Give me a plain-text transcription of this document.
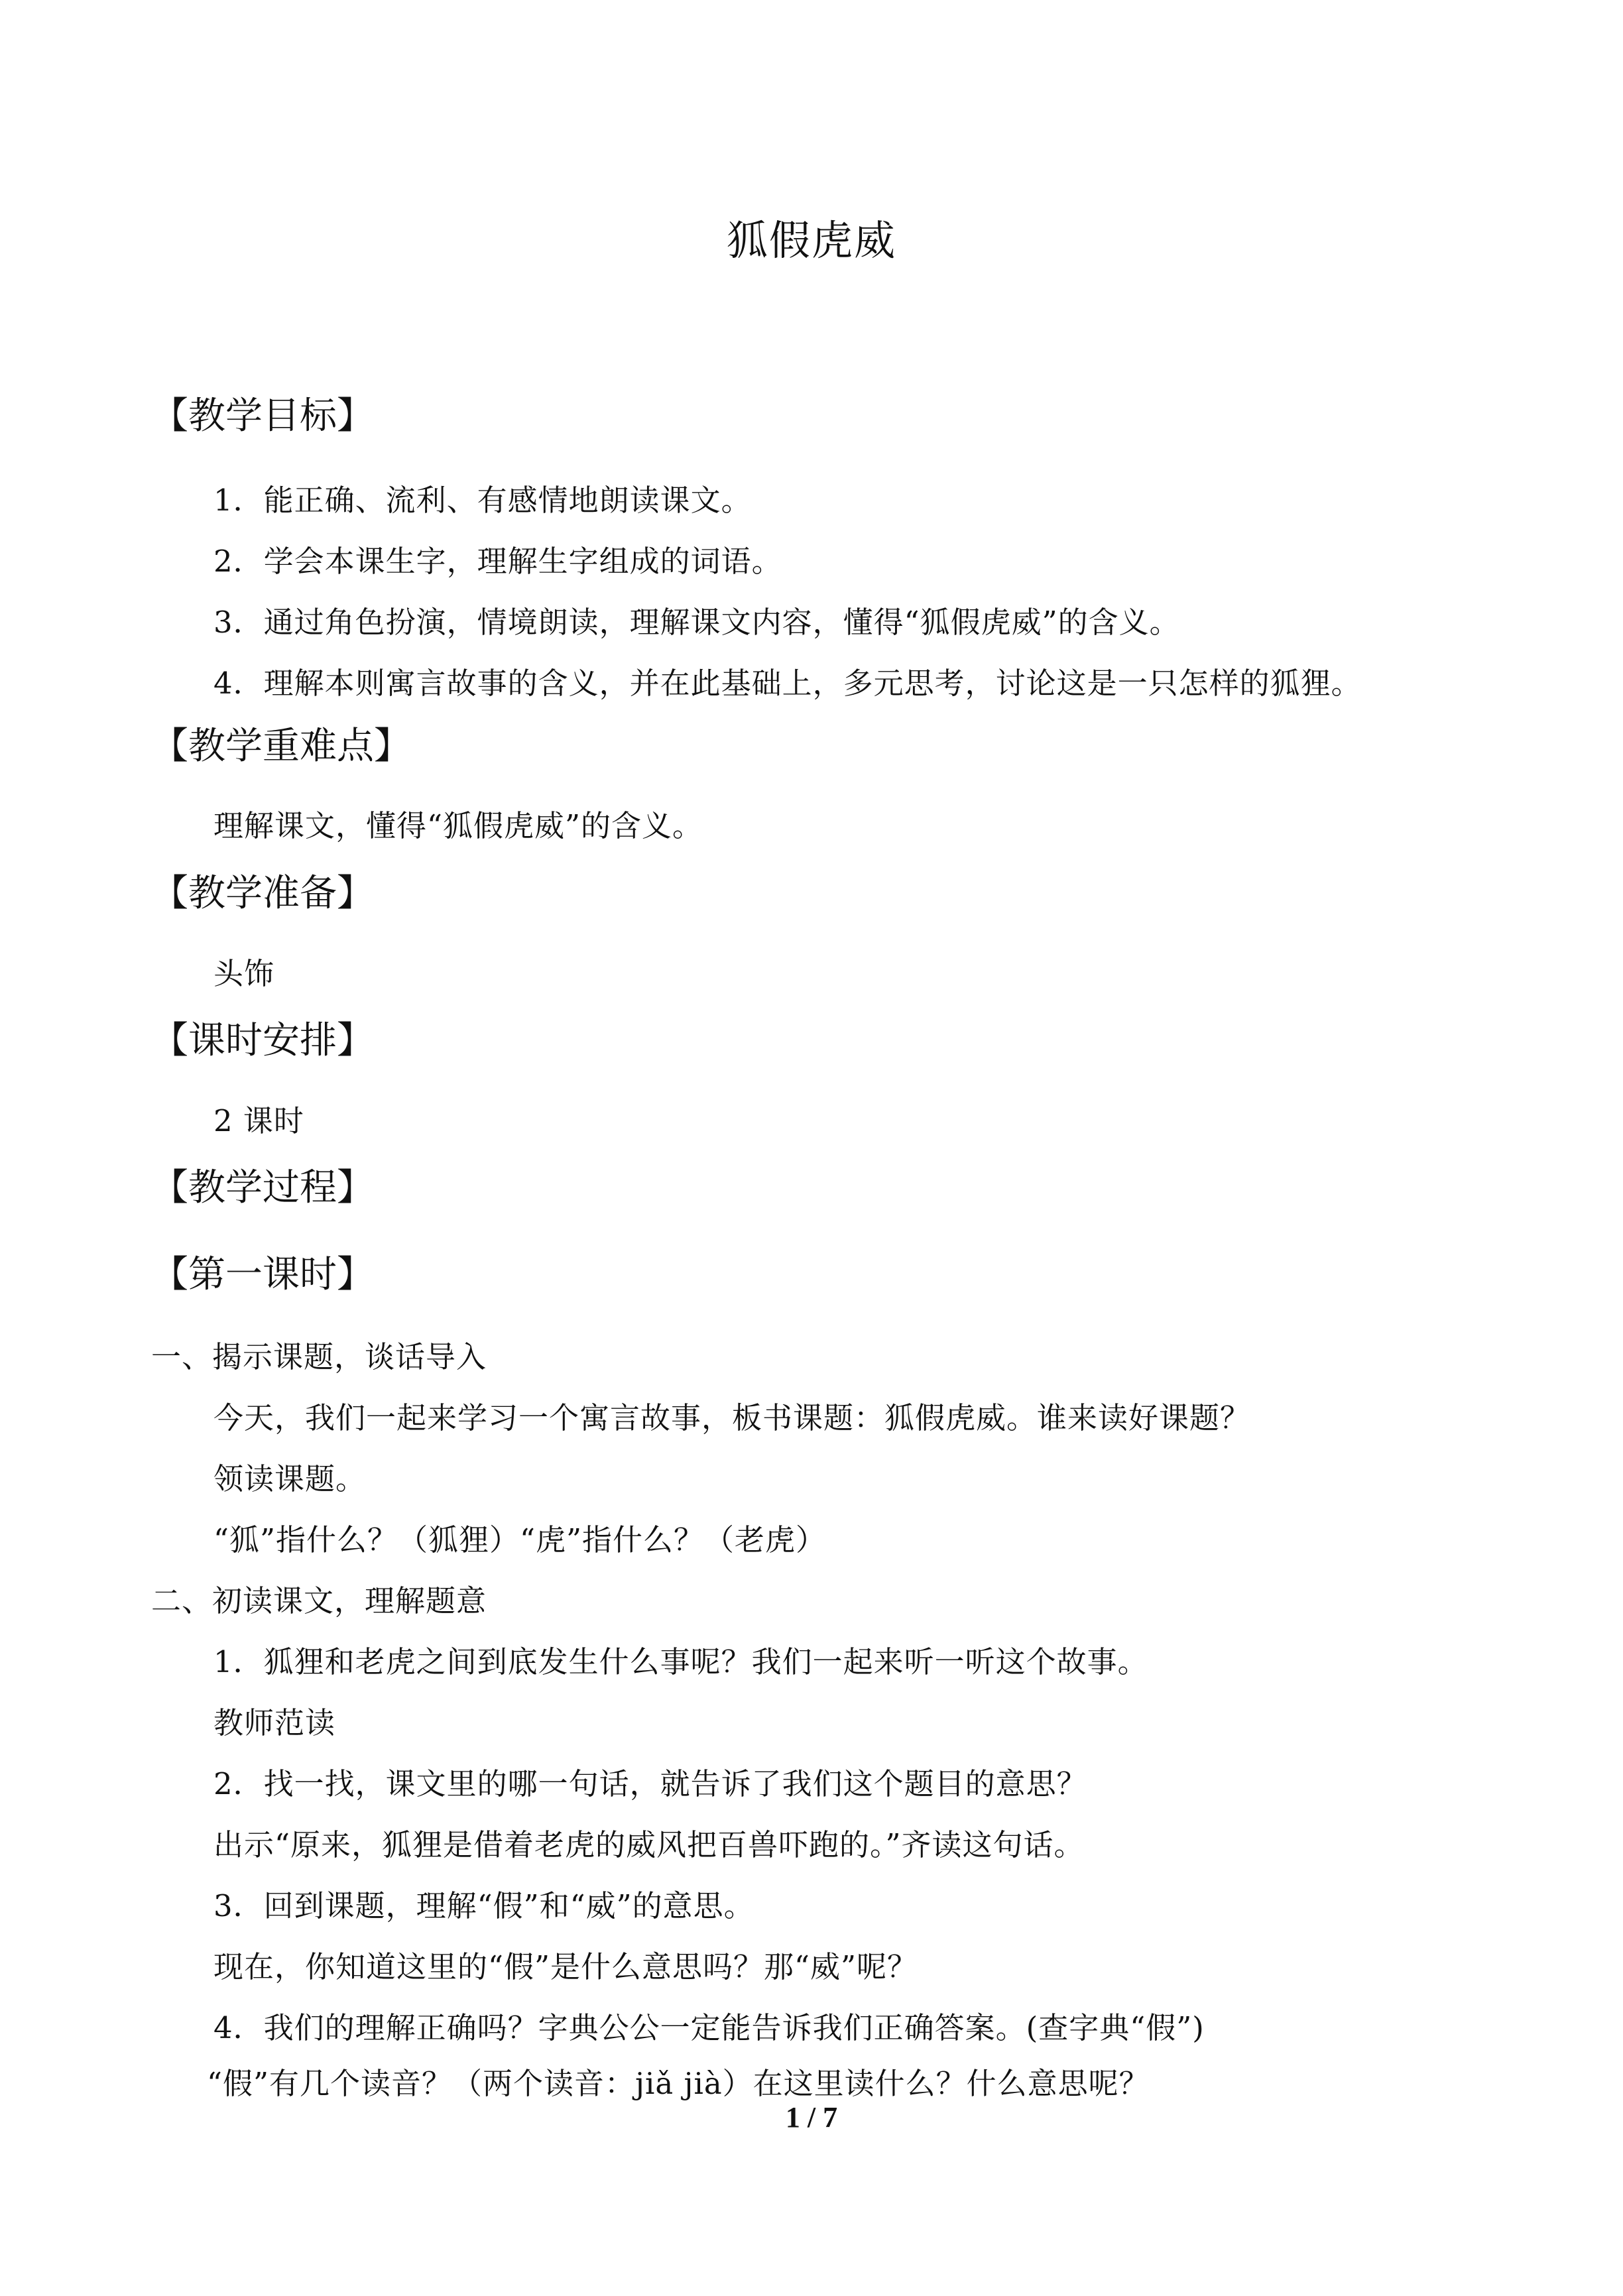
狐假虎威
【教学目标】
1．能正确、流利、有感情地朗读课文。
2．学会本课生字，理解生字组成的词语。
3．通过角色扮演，情境朗读，理解课文内容，懂得“狐假虎威”的含义。
4．理解本则寓言故事的含义，并在此基础上，多元思考，讨论这是一只怎样的狐狸。
【教学重难点】
理解课文，懂得“狐假虎威”的含义。
【教学准备】
头饰
【课时安排】
2 课时
【教学过程】
【第一课时】
一、揭示课题，谈话导入
今天，我们一起来学习一个寓言故事，板书课题：狐假虎威。谁来读好课题？
领读课题。
“狐”指什么？（狐狸）“虎”指什么？（老虎）
二、初读课文，理解题意
1．狐狸和老虎之间到底发生什么事呢？我们一起来听一听这个故事。
教师范读
2．找一找，课文里的哪一句话，就告诉了我们这个题目的意思？
出示“原来，狐狸是借着老虎的威风把百兽吓跑的。”齐读这句话。
3．回到课题，理解“假”和“威”的意思。
现在，你知道这里的“假”是什么意思吗？那“威”呢？
4．我们的理解正确吗？字典公公一定能告诉我们正确答案。(查字典“假”)
“假”有几个读音？（两个读音：jiǎ jià）在这里读什么？什么意思呢？
1 / 7
